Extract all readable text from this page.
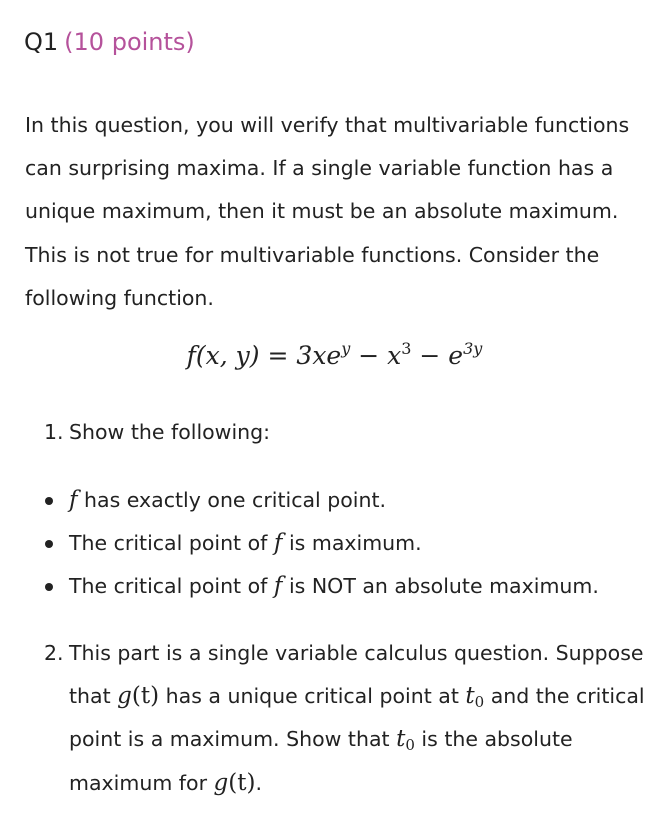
Q1 (10 points)

In this question, you will verify that multivariable functions can surprising maxima. If a single variable function has a unique maximum, then it must be an absolute maximum. This is not true for multivariable functions. Consider the following function.

f(x, $y) = 3xe^y - x^3 - e^{3y}$
1. Show the following:

f has exactly one critical point.
The critical point of f is maximum.
The critical point of f is NOT an absolute maximum.
2. This part is a single variable calculus question. Suppose that g(t) has a unique critical point at $t_0$ and the critical point is a maximum. Show that $t_0$ is the absolute maximum for g(t).
